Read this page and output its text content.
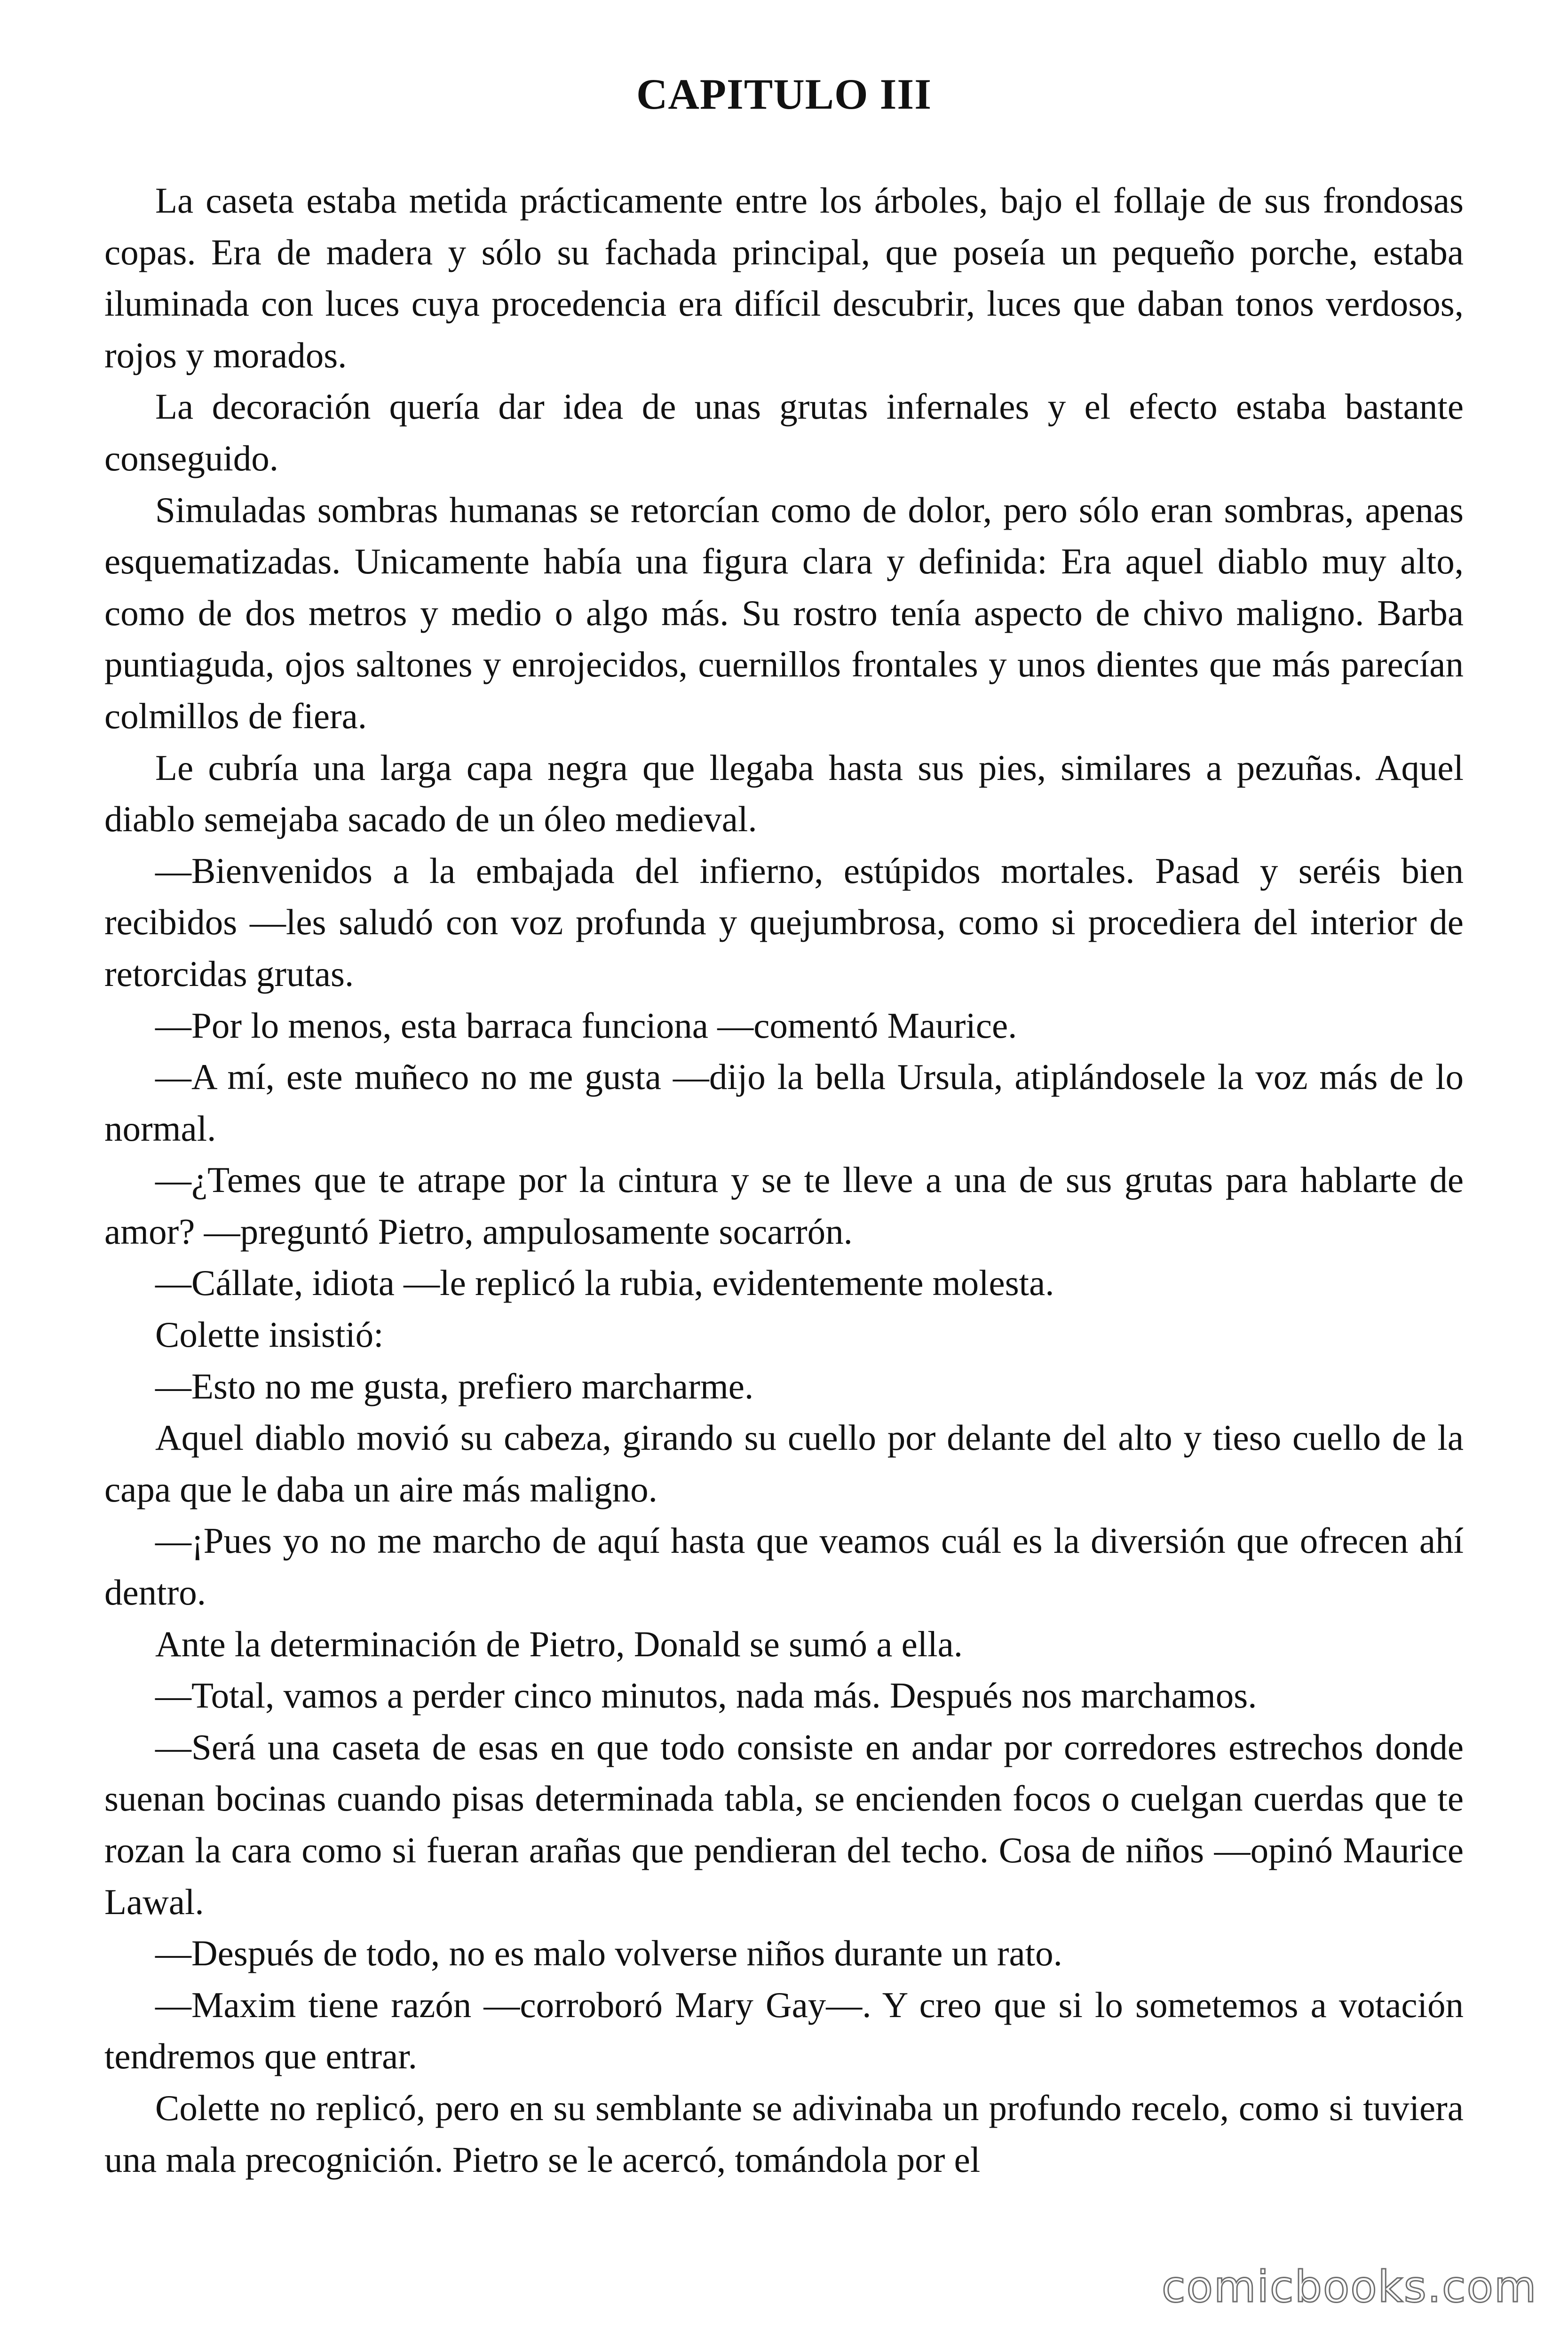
CAPITULO III

La caseta estaba metida prácticamente entre los árboles, bajo el follaje de sus frondosas copas. Era de madera y sólo su fachada principal, que poseía un pequeño porche, estaba iluminada con luces cuya procedencia era difícil descubrir, luces que daban tonos verdosos, rojos y morados.

La decoración quería dar idea de unas grutas infernales y el efecto estaba bastante conseguido.

Simuladas sombras humanas se retorcían como de dolor, pero sólo eran sombras, apenas esquematizadas. Unicamente había una figura clara y definida: Era aquel diablo muy alto, como de dos metros y medio o algo más. Su rostro tenía aspecto de chivo maligno. Barba puntiaguda, ojos saltones y enrojecidos, cuernillos frontales y unos dientes que más parecían colmillos de fiera.

Le cubría una larga capa negra que llegaba hasta sus pies, similares a pezuñas. Aquel diablo semejaba sacado de un óleo medieval.

—Bienvenidos a la embajada del infierno, estúpidos mortales. Pasad y seréis bien recibidos —les saludó con voz profunda y quejumbrosa, como si procediera del interior de retorcidas grutas.

—Por lo menos, esta barraca funciona —comentó Maurice.

—A mí, este muñeco no me gusta —dijo la bella Ursula, atiplándosele la voz más de lo normal.

—¿Temes que te atrape por la cintura y se te lleve a una de sus grutas para hablarte de amor? —preguntó Pietro, ampulosamente socarrón.

—Cállate, idiota —le replicó la rubia, evidentemente molesta.

Colette insistió:

—Esto no me gusta, prefiero marcharme.

Aquel diablo movió su cabeza, girando su cuello por delante del alto y tieso cuello de la capa que le daba un aire más maligno.

—¡Pues yo no me marcho de aquí hasta que veamos cuál es la diversión que ofrecen ahí dentro.

Ante la determinación de Pietro, Donald se sumó a ella.

—Total, vamos a perder cinco minutos, nada más. Después nos marchamos.

—Será una caseta de esas en que todo consiste en andar por corredores estrechos donde suenan bocinas cuando pisas determinada tabla, se encienden focos o cuelgan cuerdas que te rozan la cara como si fueran arañas que pendieran del techo. Cosa de niños —opinó Maurice Lawal.

—Después de todo, no es malo volverse niños durante un rato.

—Maxim tiene razón —corroboró Mary Gay—. Y creo que si lo sometemos a votación tendremos que entrar.

Colette no replicó, pero en su semblante se adivinaba un profundo recelo, como si tuviera una mala precognición. Pietro se le acercó, tomándola por el

comicbooks.com
